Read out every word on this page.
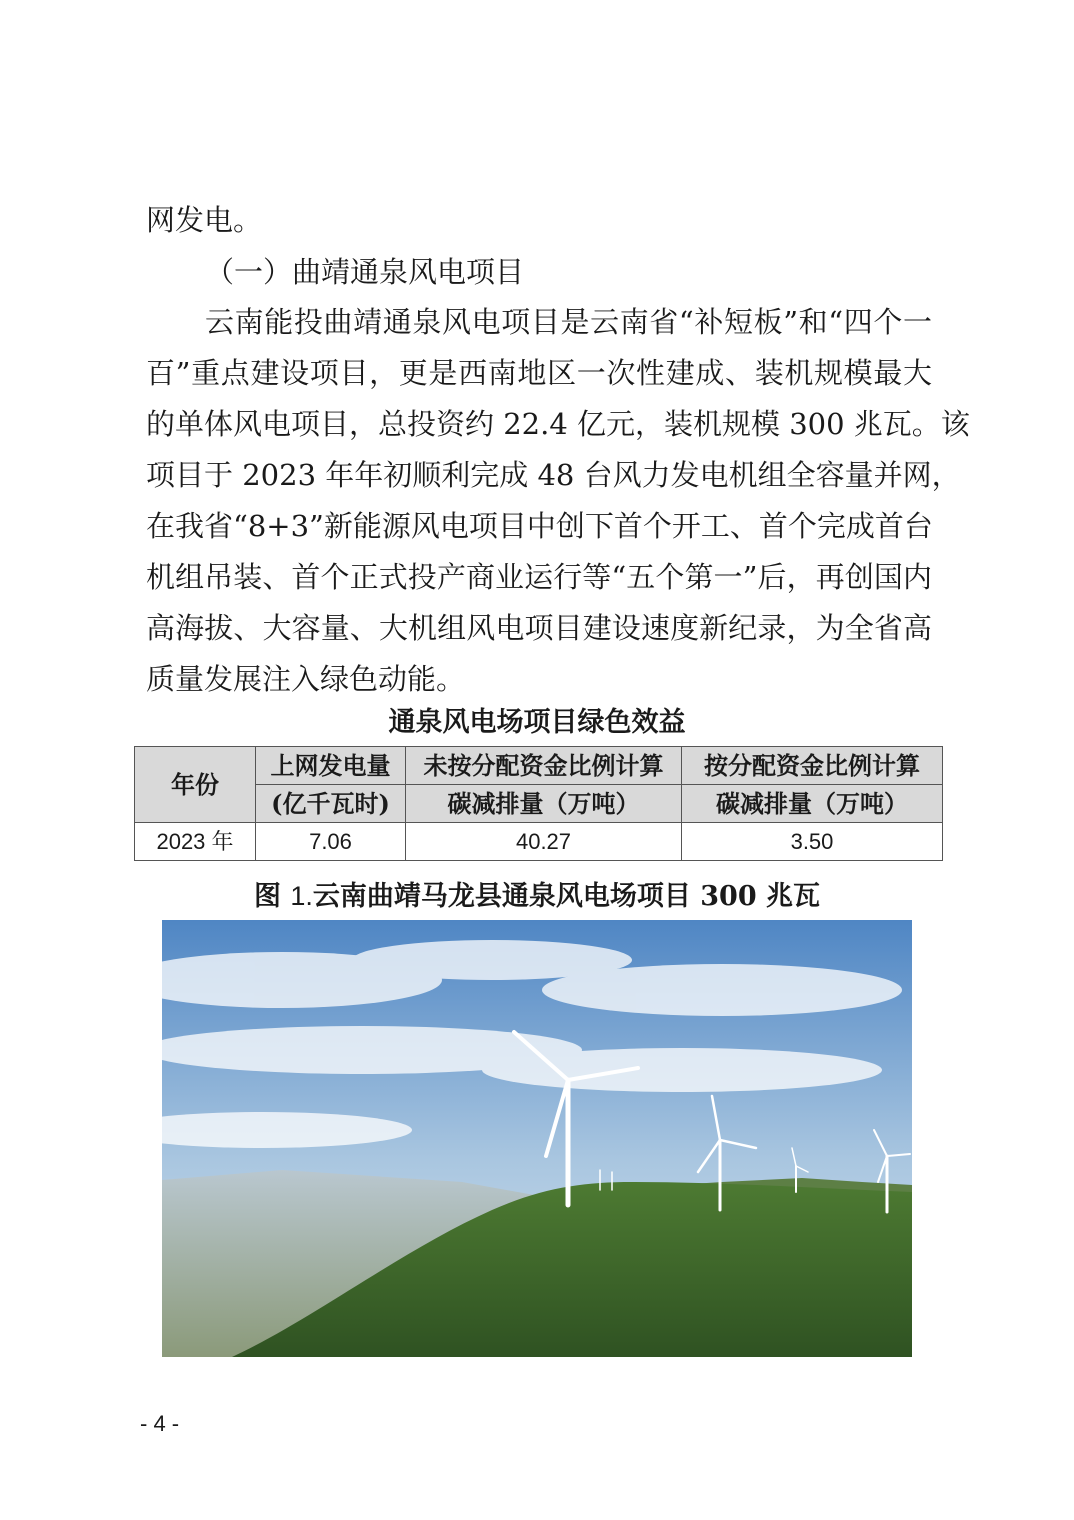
网发电。
（一）曲靖通泉风电项目
云南能投曲靖通泉风电项目是云南省“补短板”和“四个一
百”重点建设项目，更是西南地区一次性建成、装机规模最大
的单体风电项目，总投资约 22.4 亿元，装机规模 300 兆瓦。该
项目于 2023 年年初顺利完成 48 台风力发电机组全容量并网，
在我省“8+3”新能源风电项目中创下首个开工、首个完成首台
机组吊装、首个正式投产商业运行等“五个第一”后，再创国内
高海拔、大容量、大机组风电项目建设速度新纪录，为全省高
质量发展注入绿色动能。
通泉风电场项目绿色效益
年份	上网发电量	未按分配资金比例计算	按分配资金比例计算
	(亿千瓦时)	碳减排量（万吨）	碳减排量（万吨）
2023 年	7.06	40.27	3.50
图 1.云南曲靖马龙县通泉风电场项目 300 兆瓦
- 4 -
